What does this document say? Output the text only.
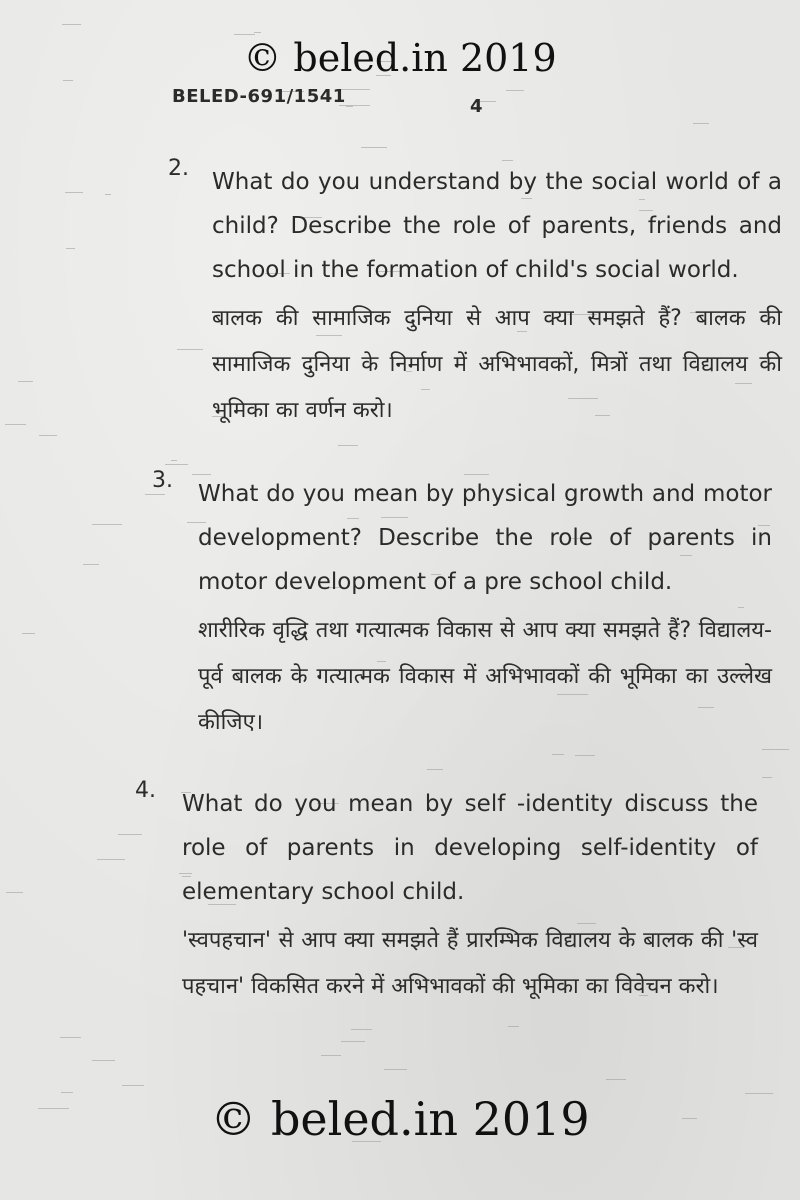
© beled.in 2019
BELED-691/1541	4
2.

What do you understand by the social world of a child? Describe the role of parents, friends and school in the formation of child's social world.

बालक की सामाजिक दुनिया से आप क्या समझते हैं? बालक की सामाजिक दुनिया के निर्माण में अभिभावकों, मित्रों तथा विद्यालय की भूमिका का वर्णन करो।

3.

What do you mean by physical growth and motor development? Describe the role of parents in motor development of a pre school child.

शारीरिक वृद्धि तथा गत्यात्मक विकास से आप क्या समझते हैं? विद्यालय-पूर्व बालक के गत्यात्मक विकास में अभिभावकों की भूमिका का उल्लेख कीजिए।

4.

What do you mean by self -identity discuss the role of parents in developing self-identity of elementary school child.

'स्वपहचान' से आप क्या समझते हैं प्रारम्भिक विद्यालय के बालक की 'स्व पहचान' विकसित करने में अभिभावकों की भूमिका का विवेचन करो।

© beled.in 2019
